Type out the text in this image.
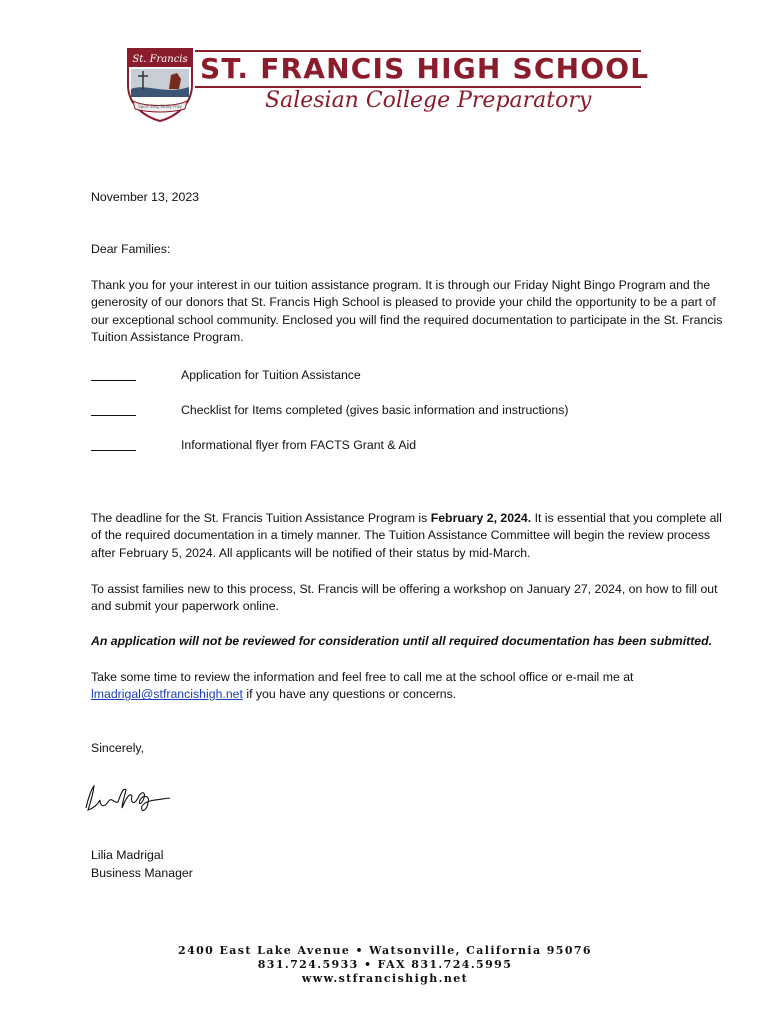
St. Francis
Sport Sing Study Pray
ST. FRANCIS HIGH SCHOOL
Salesian College Preparatory
November 13, 2023
Dear Families:
Thank you for your interest in our tuition assistance program. It is through our Friday Night Bingo Program and the generosity of our donors that St. Francis High School is pleased to provide your child the opportunity to be a part of our exceptional school community. Enclosed you will find the required documentation to participate in the St. Francis Tuition Assistance Program.
Application for Tuition Assistance
Checklist for Items completed (gives basic information and instructions)
Informational flyer from FACTS Grant & Aid
The deadline for the St. Francis Tuition Assistance Program is February 2, 2024. It is essential that you complete all of the required documentation in a timely manner. The Tuition Assistance Committee will begin the review process after February 5, 2024. All applicants will be notified of their status by mid-March.
To assist families new to this process, St. Francis will be offering a workshop on January 27, 2024, on how to fill out and submit your paperwork online.
An application will not be reviewed for consideration until all required documentation has been submitted.
Take some time to review the information and feel free to call me at the school office or e-mail me at lmadrigal@stfrancishigh.net if you have any questions or concerns.
Sincerely,
Lilia Madrigal
Business Manager
2400 East Lake Avenue • Watsonville, California 95076
831.724.5933 • FAX 831.724.5995
www.stfrancishigh.net
